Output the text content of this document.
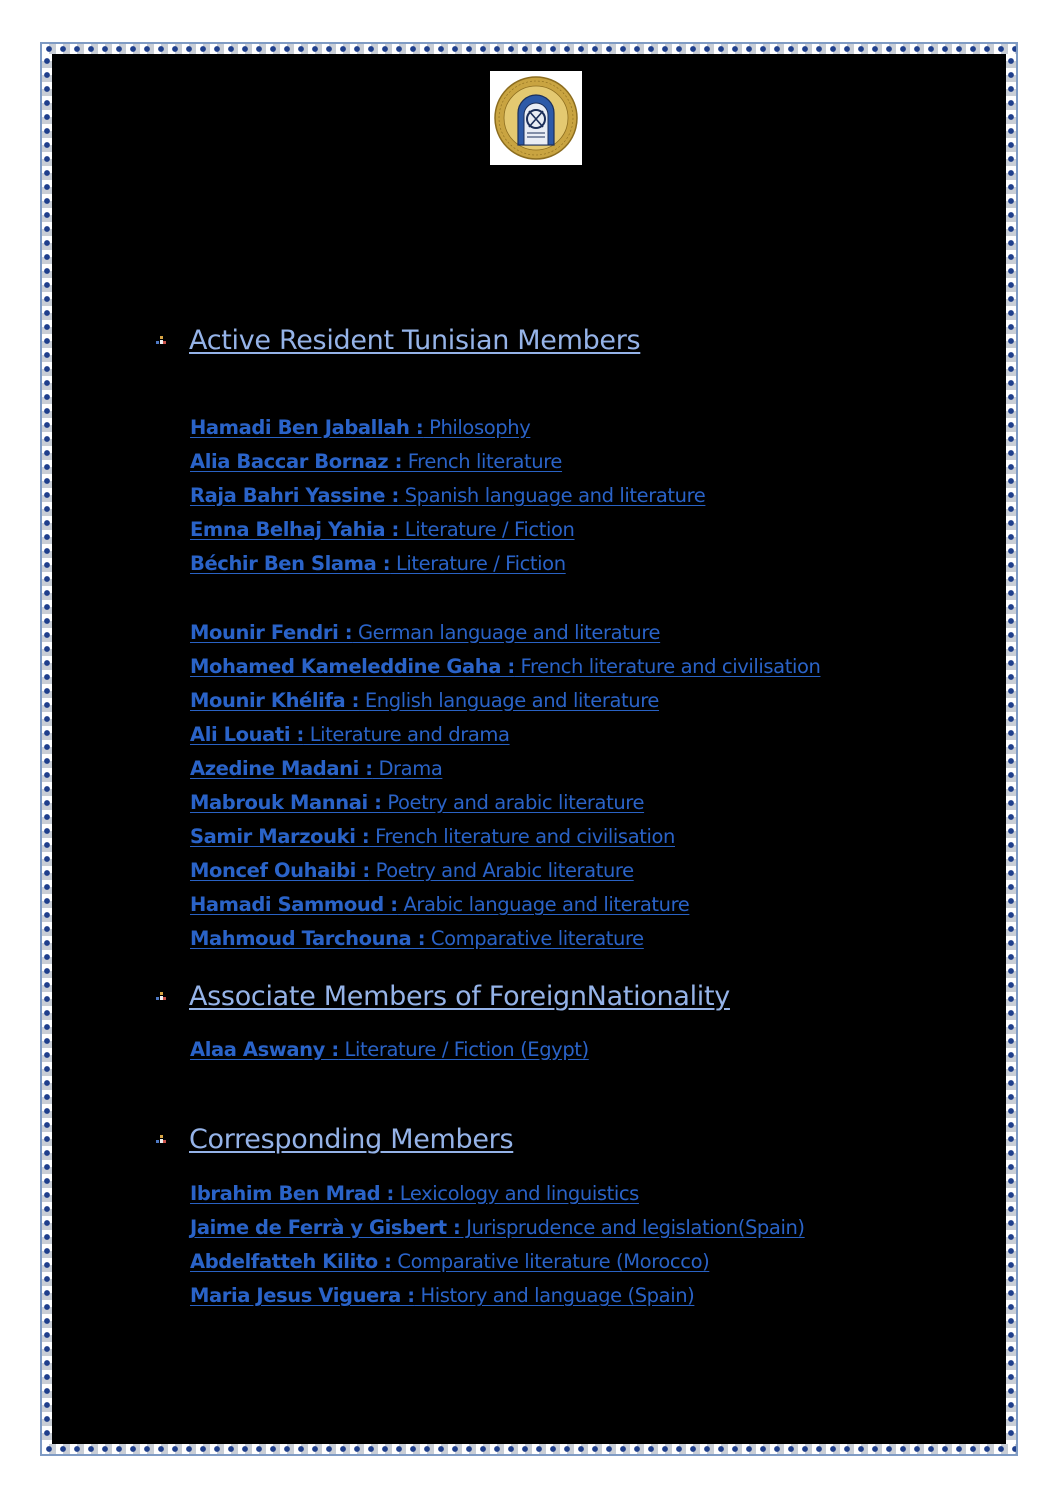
Active Resident Tunisian Members
Hamadi Ben Jaballah : Philosophy
Alia Baccar Bornaz : French literature
Raja Bahri Yassine : Spanish language and literature
Emna Belhaj Yahia : Literature / Fiction
Béchir Ben Slama : Literature / Fiction
Mounir Fendri : German language and literature
Mohamed Kameleddine Gaha : French literature and civilisation
Mounir Khélifa : English language and literature
Ali Louati : Literature and drama
Azedine Madani : Drama
Mabrouk Mannai : Poetry and arabic literature
Samir Marzouki : French literature and civilisation
Moncef Ouhaibi : Poetry and Arabic literature
Hamadi Sammoud : Arabic language and literature
Mahmoud Tarchouna : Comparative literature
Associate Members of ForeignNationality
Alaa Aswany : Literature / Fiction (Egypt)
Corresponding Members
Ibrahim Ben Mrad : Lexicology and linguistics
Jaime de Ferrà y Gisbert : Jurisprudence and legislation(Spain)
Abdelfatteh Kilito : Comparative literature (Morocco)
Maria Jesus Viguera : History and language (Spain)
